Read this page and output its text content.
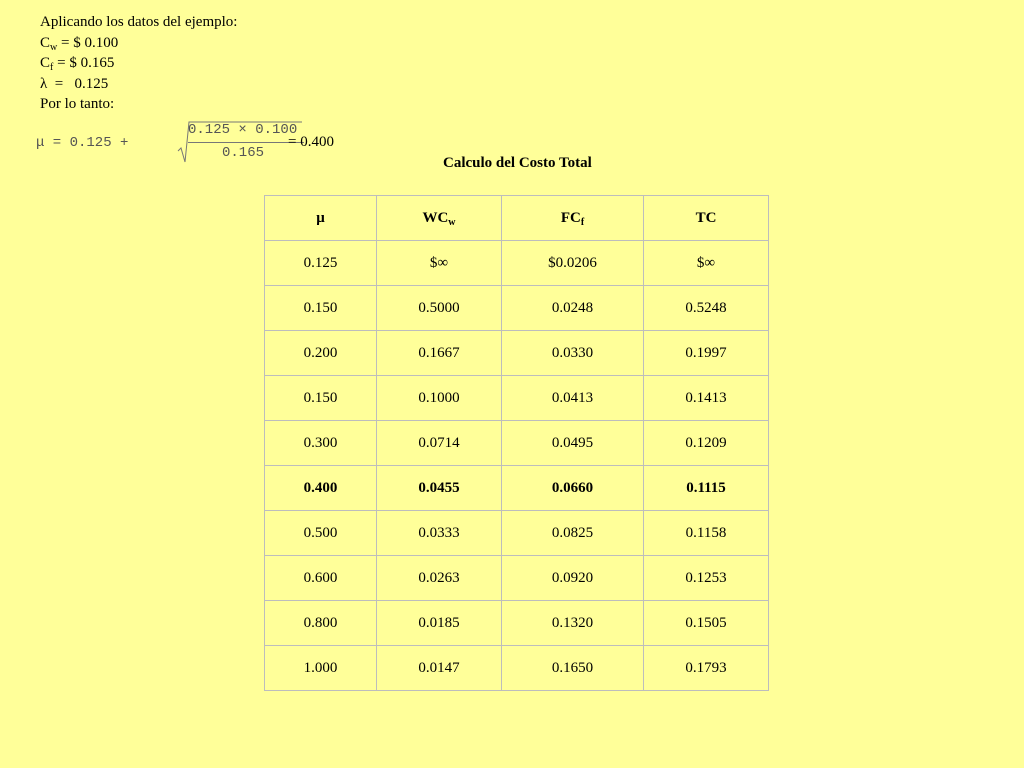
Aplicando los datos del ejemplo:
$C_w$ = $ 0.100
$C_f$ = $ 0.165
λ  =   0.125
Por lo tanto:
μ = 0.125 +
0.125 × 0.100
0.165
= 0.400
Calculo del Costo Total
μ	$WC_w$	$FC_f$	TC
0.125	$∞	$0.0206	$∞
0.150	0.5000	0.0248	0.5248
0.200	0.1667	0.0330	0.1997
0.150	0.1000	0.0413	0.1413
0.300	0.0714	0.0495	0.1209
0.400	0.0455	0.0660	0.1115
0.500	0.0333	0.0825	0.1158
0.600	0.0263	0.0920	0.1253
0.800	0.0185	0.1320	0.1505
1.000	0.0147	0.1650	0.1793
